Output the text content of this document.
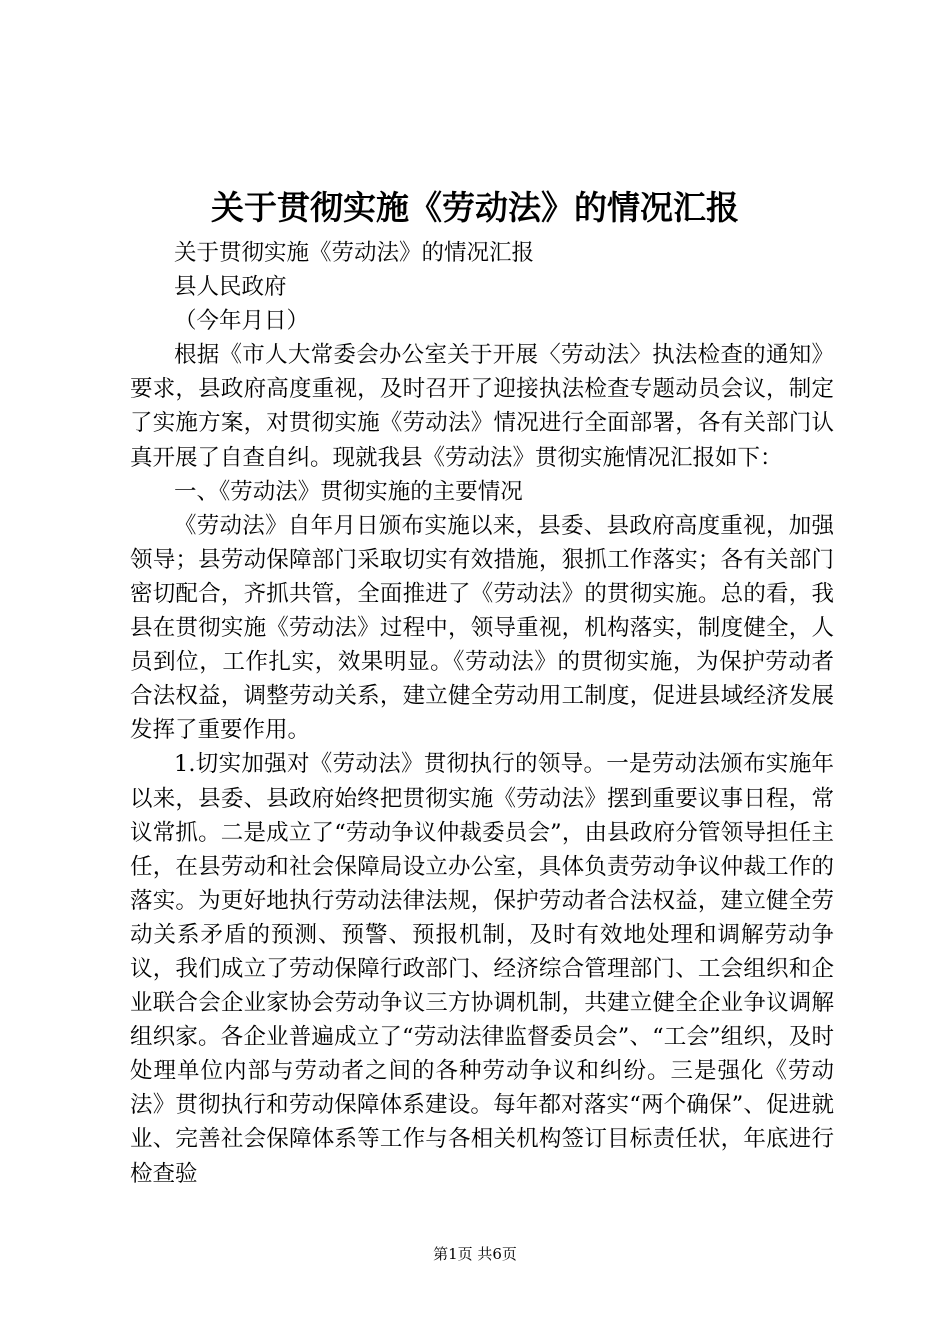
关于贯彻实施《劳动法》的情况汇报

关于贯彻实施《劳动法》的情况汇报

县人民政府

（今年月日）

根据《市人大常委会办公室关于开展〈劳动法〉执法检查的通知》要求，县政府高度重视，及时召开了迎接执法检查专题动员会议，制定了实施方案，对贯彻实施《劳动法》情况进行全面部署，各有关部门认真开展了自查自纠。现就我县《劳动法》贯彻实施情况汇报如下：

一、《劳动法》贯彻实施的主要情况

《劳动法》自年月日颁布实施以来，县委、县政府高度重视，加强领导；县劳动保障部门采取切实有效措施，狠抓工作落实；各有关部门密切配合，齐抓共管，全面推进了《劳动法》的贯彻实施。总的看，我县在贯彻实施《劳动法》过程中，领导重视，机构落实，制度健全，人员到位，工作扎实，效果明显。《劳动法》的贯彻实施，为保护劳动者合法权益，调整劳动关系，建立健全劳动用工制度，促进县域经济发展发挥了重要作用。

1.切实加强对《劳动法》贯彻执行的领导。一是劳动法颁布实施年以来，县委、县政府始终把贯彻实施《劳动法》摆到重要议事日程，常议常抓。二是成立了“劳动争议仲裁委员会”，由县政府分管领导担任主任，在县劳动和社会保障局设立办公室，具体负责劳动争议仲裁工作的落实。为更好地执行劳动法律法规，保护劳动者合法权益，建立健全劳动关系矛盾的预测、预警、预报机制，及时有效地处理和调解劳动争议，我们成立了劳动保障行政部门、经济综合管理部门、工会组织和企业联合会企业家协会劳动争议三方协调机制，共建立健全企业争议调解组织家。各企业普遍成立了“劳动法律监督委员会”、“工会”组织，及时处理单位内部与劳动者之间的各种劳动争议和纠纷。三是强化《劳动法》贯彻执行和劳动保障体系建设。每年都对落实“两个确保”、促进就业、完善社会保障体系等工作与各相关机构签订目标责任状，年底进行检查验

第1页 共6页
